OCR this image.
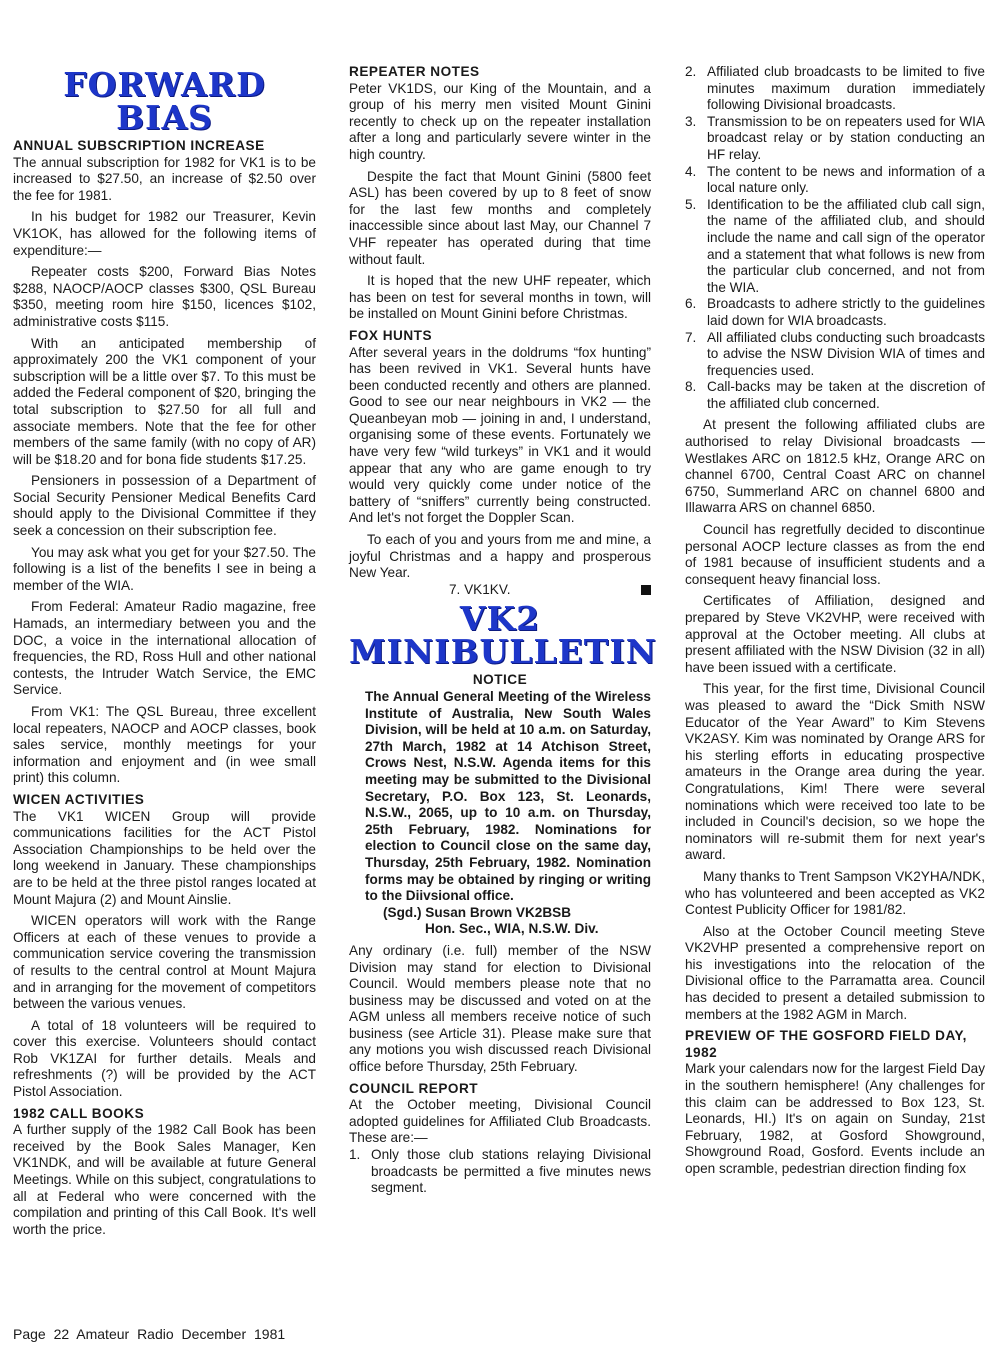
FORWARD
BIAS
ANNUAL SUBSCRIPTION INCREASE

The annual subscription for 1982 for VK1 is to be increased to $27.50, an increase of $2.50 over the fee for 1981.

In his budget for 1982 our Treasurer, Kevin VK1OK, has allowed for the following items of expenditure:—

Repeater costs $200, Forward Bias Notes $288, NAOCP/AOCP classes $300, QSL Bureau $350, meeting room hire $150, licences $102, administrative costs $115.

With an anticipated membership of approximately 200 the VK1 component of your subscription will be a little over $7. To this must be added the Federal component of $20, bringing the total subscription to $27.50 for all full and associate members. Note that the fee for other members of the same family (with no copy of AR) will be $18.20 and for bona fide students $17.25.

Pensioners in possession of a Department of Social Security Pensioner Medical Benefits Card should apply to the Divisional Committee if they seek a concession on their subscription fee.

You may ask what you get for your $27.50. The following is a list of the benefits I see in being a member of the WIA.

From Federal: Amateur Radio magazine, free Hamads, an intermediary between you and the DOC, a voice in the international allocation of frequencies, the RD, Ross Hull and other national contests, the Intruder Watch Service, the EMC Service.

From VK1: The QSL Bureau, three excellent local repeaters, NAOCP and AOCP classes, book sales service, monthly meetings for your information and enjoyment and (in wee small print) this column.

WICEN ACTIVITIES

The VK1 WICEN Group will provide communications facilities for the ACT Pistol Association Championships to be held over the long weekend in January. These championships are to be held at the three pistol ranges located at Mount Majura (2) and Mount Ainslie.

WICEN operators will work with the Range Officers at each of these venues to provide a communication service covering the transmission of results to the central control at Mount Majura and in arranging for the movement of competitors between the various venues.

A total of 18 volunteers will be required to cover this exercise. Volunteers should contact Rob VK1ZAI for further details. Meals and refreshments (?) will be provided by the ACT Pistol Association.

1982 CALL BOOKS

A further supply of the 1982 Call Book has been received by the Book Sales Manager, Ken VK1NDK, and will be available at future General Meetings. While on this subject, congratulations to all at Federal who were concerned with the compilation and printing of this Call Book. It's well worth the price.

REPEATER NOTES

Peter VK1DS, our King of the Mountain, and a group of his merry men visited Mount Ginini recently to check up on the repeater installation after a long and particularly severe winter in the high country.

Despite the fact that Mount Ginini (5800 feet ASL) has been covered by up to 8 feet of snow for the last few months and completely inaccessible since about last May, our Channel 7 VHF repeater has operated during that time without fault.

It is hoped that the new UHF repeater, which has been on test for several months in town, will be installed on Mount Ginini before Christmas.

FOX HUNTS

After several years in the doldrums “fox hunting” has been revived in VK1. Several hunts have been conducted recently and others are planned. Good to see our near neighbours in VK2 — the Queanbeyan mob — joining in and, I understand, organising some of these events. Fortunately we have very few “wild turkeys” in VK1 and it would appear that any who are game enough to try would very quickly come under notice of the battery of “sniffers” currently being constructed. And let's not forget the Doppler Scan.

To each of you and yours from me and mine, a joyful Christmas and a happy and prosperous New Year.

7. VK1KV.
VK2
MINIBULLETIN
NOTICE

The Annual General Meeting of the Wireless Institute of Australia, New South Wales Division, will be held at 10 a.m. on Saturday, 27th March, 1982 at 14 Atchison Street, Crows Nest, N.S.W. Agenda items for this meeting may be submitted to the Divisional Secretary, P.O. Box 123, St. Leonards, N.S.W., 2065, up to 10 a.m. on Thursday, 25th February, 1982. Nominations for election to Council close on the same day, Thursday, 25th February, 1982. Nomination forms may be obtained by ringing or writing to the Diivsional office.

(Sgd.) Susan Brown VK2BSB
Hon. Sec., WIA, N.S.W. Div.

Any ordinary (i.e. full) member of the NSW Division may stand for election to Divisional Council. Would members please note that no business may be discussed and voted on at the AGM unless all members receive notice of such business (see Article 31). Please make sure that any motions you wish discussed reach Divisional office before Thursday, 25th February.

COUNCIL REPORT

At the October meeting, Divisional Council adopted guidelines for Affiliated Club Broadcasts. These are:—

1. Only those club stations relaying Divisional broadcasts be permitted a five minutes news segment.
2. Affiliated club broadcasts to be limited to five minutes maximum duration immediately following Divisional broadcasts.
3. Transmission to be on repeaters used for WIA broadcast relay or by station conducting an HF relay.
4. The content to be news and information of a local nature only.
5. Identification to be the affiliated club call sign, the name of the affiliated club, and should include the name and call sign of the operator and a statement that what follows is new from the particular club concerned, and not from the WIA.
6. Broadcasts to adhere strictly to the guidelines laid down for WIA broadcasts.
7. All affiliated clubs conducting such broadcasts to advise the NSW Division WIA of times and frequencies used.
8. Call-backs may be taken at the discretion of the affiliated club concerned.

At present the following affiliated clubs are authorised to relay Divisional broadcasts — Westlakes ARC on 1812.5 kHz, Orange ARC on channel 6700, Central Coast ARC on channel 6750, Summerland ARC on channel 6800 and Illawarra ARS on channel 6850.

Council has regretfully decided to discontinue personal AOCP lecture classes as from the end of 1981 because of insufficient students and a consequent heavy financial loss.

Certificates of Affiliation, designed and prepared by Steve VK2VHP, were received with approval at the October meeting. All clubs at present affiliated with the NSW Division (32 in all) have been issued with a certificate.

This year, for the first time, Divisional Council was pleased to award the “Dick Smith NSW Educator of the Year Award” to Kim Stevens VK2ASY. Kim was nominated by Orange ARS for his sterling efforts in educating prospective amateurs in the Orange area during the year. Congratulations, Kim! There were several nominations which were received too late to be included in Council's decision, so we hope the nominators will re-submit them for next year's award.

Many thanks to Trent Sampson VK2YHA/NDK, who has volunteered and been accepted as VK2 Contest Publicity Officer for 1981/82.

Also at the October Council meeting Steve VK2VHP presented a comprehensive report on his investigations into the relocation of the Divisional office to the Parramatta area. Council has decided to present a detailed submission to members at the 1982 AGM in March.

PREVIEW OF THE GOSFORD FIELD DAY, 1982

Mark your calendars now for the largest Field Day in the southern hemisphere! (Any challenges for this claim can be addressed to Box 123, St. Leonards, HI.) It's on again on Sunday, 21st February, 1982, at Gosford Showground, Showground Road, Gosford. Events include an open scramble, pedestrian direction finding fox

Page 22 Amateur Radio December 1981
